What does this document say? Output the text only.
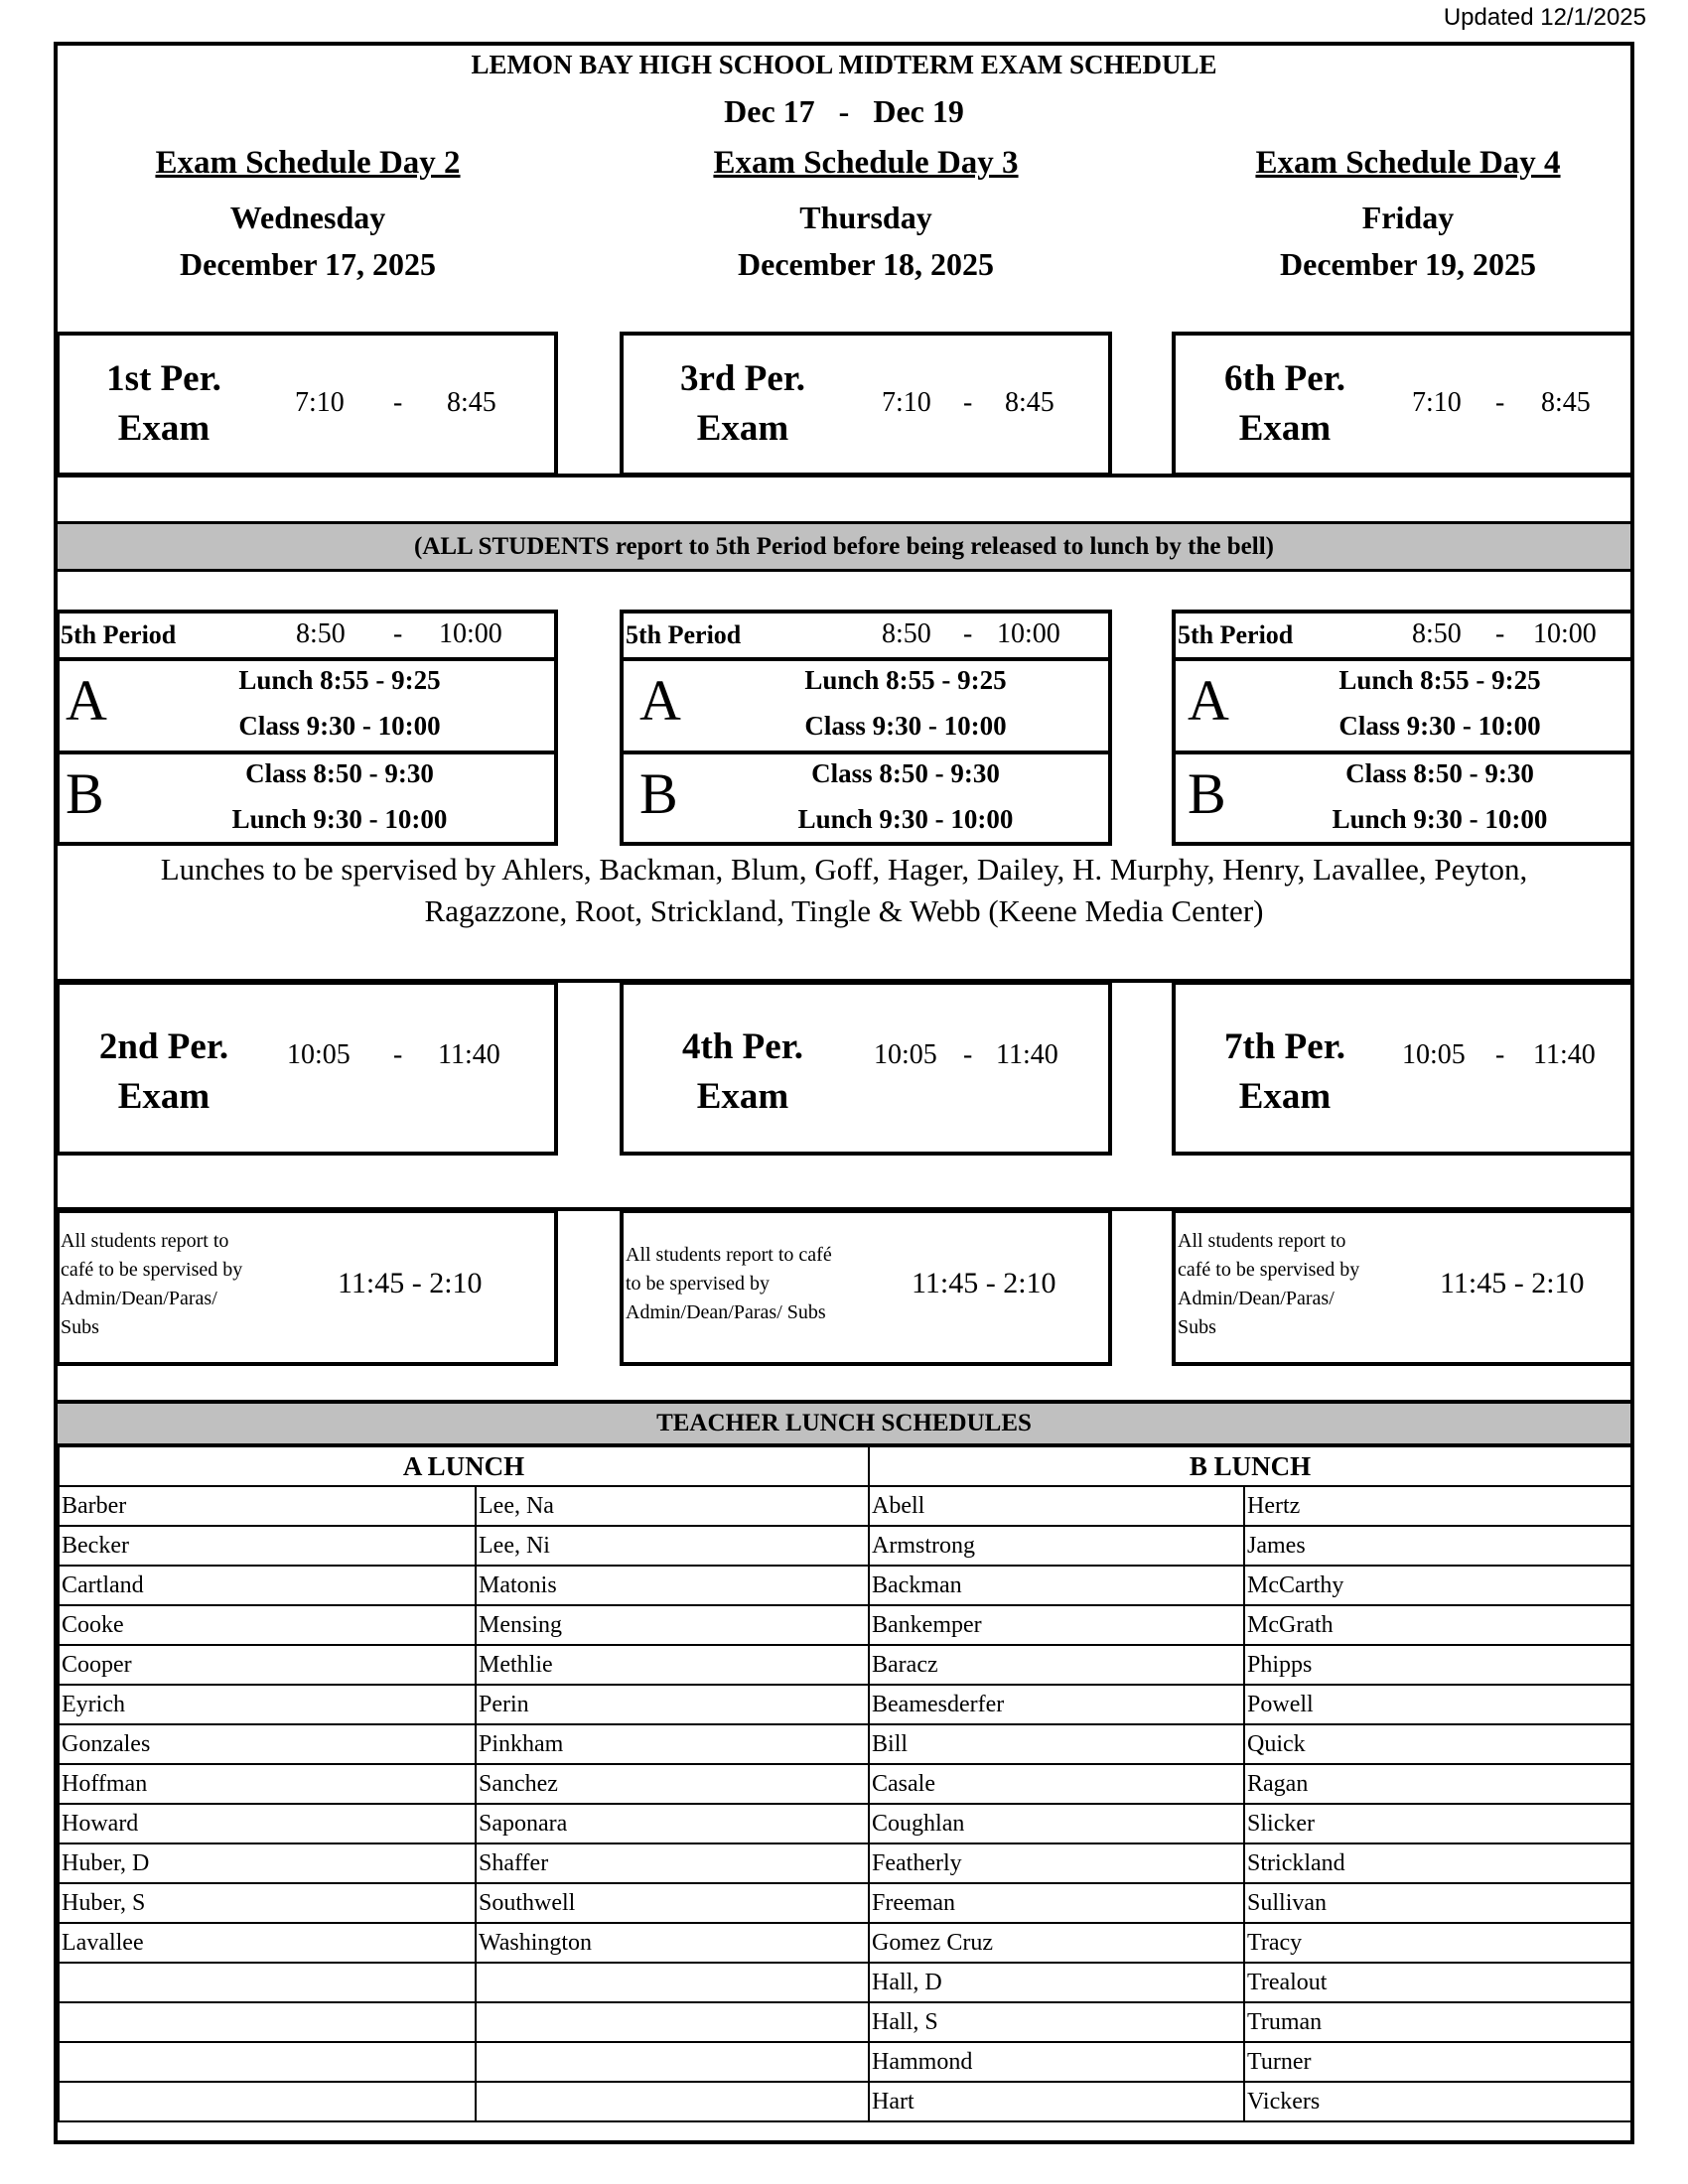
Updated 12/1/2025
LEMON BAY HIGH SCHOOL MIDTERM EXAM SCHEDULE
Dec 17 - Dec 19
Exam Schedule Day 2
Wednesday
December 17, 2025
Exam Schedule Day 3
Thursday
December 18, 2025
Exam Schedule Day 4
Friday
December 19, 2025
1st Per.
Exam
7:10 - 8:45
3rd Per.
Exam
7:10 - 8:45
6th Per.
Exam
7:10 - 8:45
(ALL STUDENTS report to 5th Period before being released to lunch by the bell)
5th Period	8:50 - 10:00
A	Lunch 8:55 - 9:25
Class 9:30 - 10:00
B	Class 8:50 - 9:30
Lunch 9:30 - 10:00
5th Period	8:50 - 10:00
A	Lunch 8:55 - 9:25
Class 9:30 - 10:00
B	Class 8:50 - 9:30
Lunch 9:30 - 10:00
5th Period	8:50 - 10:00
A	Lunch 8:55 - 9:25
Class 9:30 - 10:00
B	Class 8:50 - 9:30
Lunch 9:30 - 10:00
Lunches to be spervised by Ahlers, Backman, Blum, Goff, Hager, Dailey, H. Murphy, Henry, Lavallee, Peyton,
Ragazzone, Root, Strickland, Tingle & Webb (Keene Media Center)
2nd Per.
Exam
10:05 - 11:40	4th Per.
Exam
10:05 - 11:40	7th Per.
Exam
10:05 - 11:40
All students report to
café to be spervised by
Admin/Dean/Paras/
Subs
11:45 - 2:10
All students report to café
to be spervised by
Admin/Dean/Paras/ Subs
11:45 - 2:10
All students report to
café to be spervised by
Admin/Dean/Paras/
Subs
11:45 - 2:10
TEACHER LUNCH SCHEDULES
A LUNCH		B LUNCH	
Barber	Lee, Na	Abell	Hertz
Becker	Lee, Ni	Armstrong	James
Cartland	Matonis	Backman	McCarthy
Cooke	Mensing	Bankemper	McGrath
Cooper	Methlie	Baracz	Phipps
Eyrich	Perin	Beamesderfer	Powell
Gonzales	Pinkham	Bill	Quick
Hoffman	Sanchez	Casale	Ragan
Howard	Saponara	Coughlan	Slicker
Huber, D	Shaffer	Featherly	Strickland
Huber, S	Southwell	Freeman	Sullivan
Lavallee	Washington	Gomez Cruz	Tracy
		Hall, D	Trealout
		Hall, S	Truman
		Hammond	Turner
		Hart	Vickers
